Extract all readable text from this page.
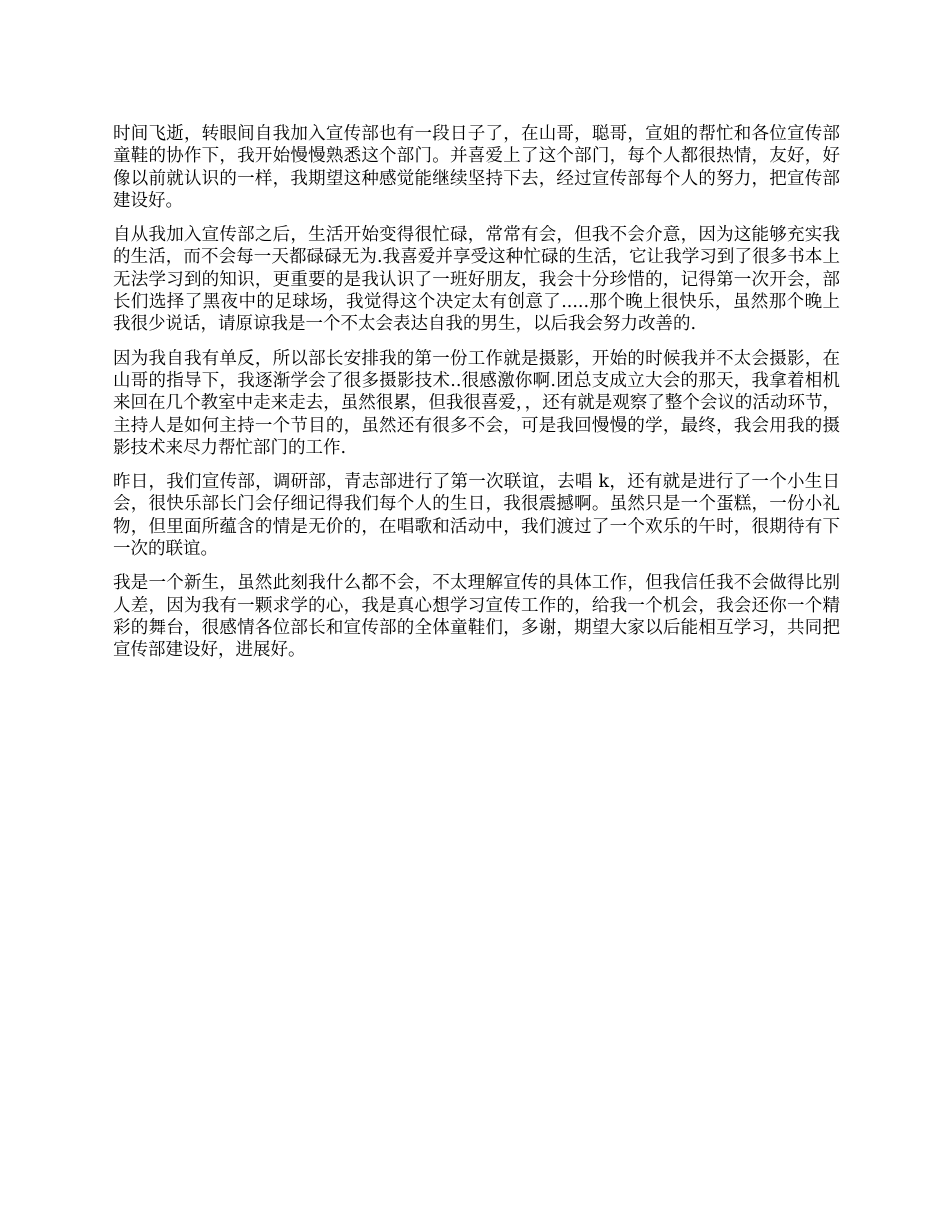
时间飞逝，转眼间自我加入宣传部也有一段日子了，在山哥，聪哥，宣姐的帮忙和各位宣传部童鞋的协作下，我开始慢慢熟悉这个部门。并喜爱上了这个部门，每个人都很热情，友好，好像以前就认识的一样，我期望这种感觉能继续坚持下去，经过宣传部每个人的努力，把宣传部建设好。

自从我加入宣传部之后，生活开始变得很忙碌，常常有会，但我不会介意，因为这能够充实我的生活，而不会每一天都碌碌无为.我喜爱并享受这种忙碌的生活，它让我学习到了很多书本上无法学习到的知识，更重要的是我认识了一班好朋友，我会十分珍惜的，记得第一次开会，部长们选择了黑夜中的足球场，我觉得这个决定太有创意了.....那个晚上很快乐，虽然那个晚上我很少说话，请原谅我是一个不太会表达自我的男生，以后我会努力改善的.

因为我自我有单反，所以部长安排我的第一份工作就是摄影，开始的时候我并不太会摄影，在山哥的指导下，我逐渐学会了很多摄影技术..很感激你啊.团总支成立大会的那天，我拿着相机来回在几个教室中走来走去，虽然很累，但我很喜爱，，还有就是观察了整个会议的活动环节，主持人是如何主持一个节目的，虽然还有很多不会，可是我回慢慢的学，最终，我会用我的摄影技术来尽力帮忙部门的工作.

昨日，我们宣传部，调研部，青志部进行了第一次联谊，去唱 k，还有就是进行了一个小生日会，很快乐部长门会仔细记得我们每个人的生日，我很震撼啊。虽然只是一个蛋糕，一份小礼物，但里面所蕴含的情是无价的，在唱歌和活动中，我们渡过了一个欢乐的午时，很期待有下一次的联谊。

我是一个新生，虽然此刻我什么都不会，不太理解宣传的具体工作，但我信任我不会做得比别人差，因为我有一颗求学的心，我是真心想学习宣传工作的，给我一个机会，我会还你一个精彩的舞台，很感情各位部长和宣传部的全体童鞋们，多谢，期望大家以后能相互学习，共同把宣传部建设好，进展好。
